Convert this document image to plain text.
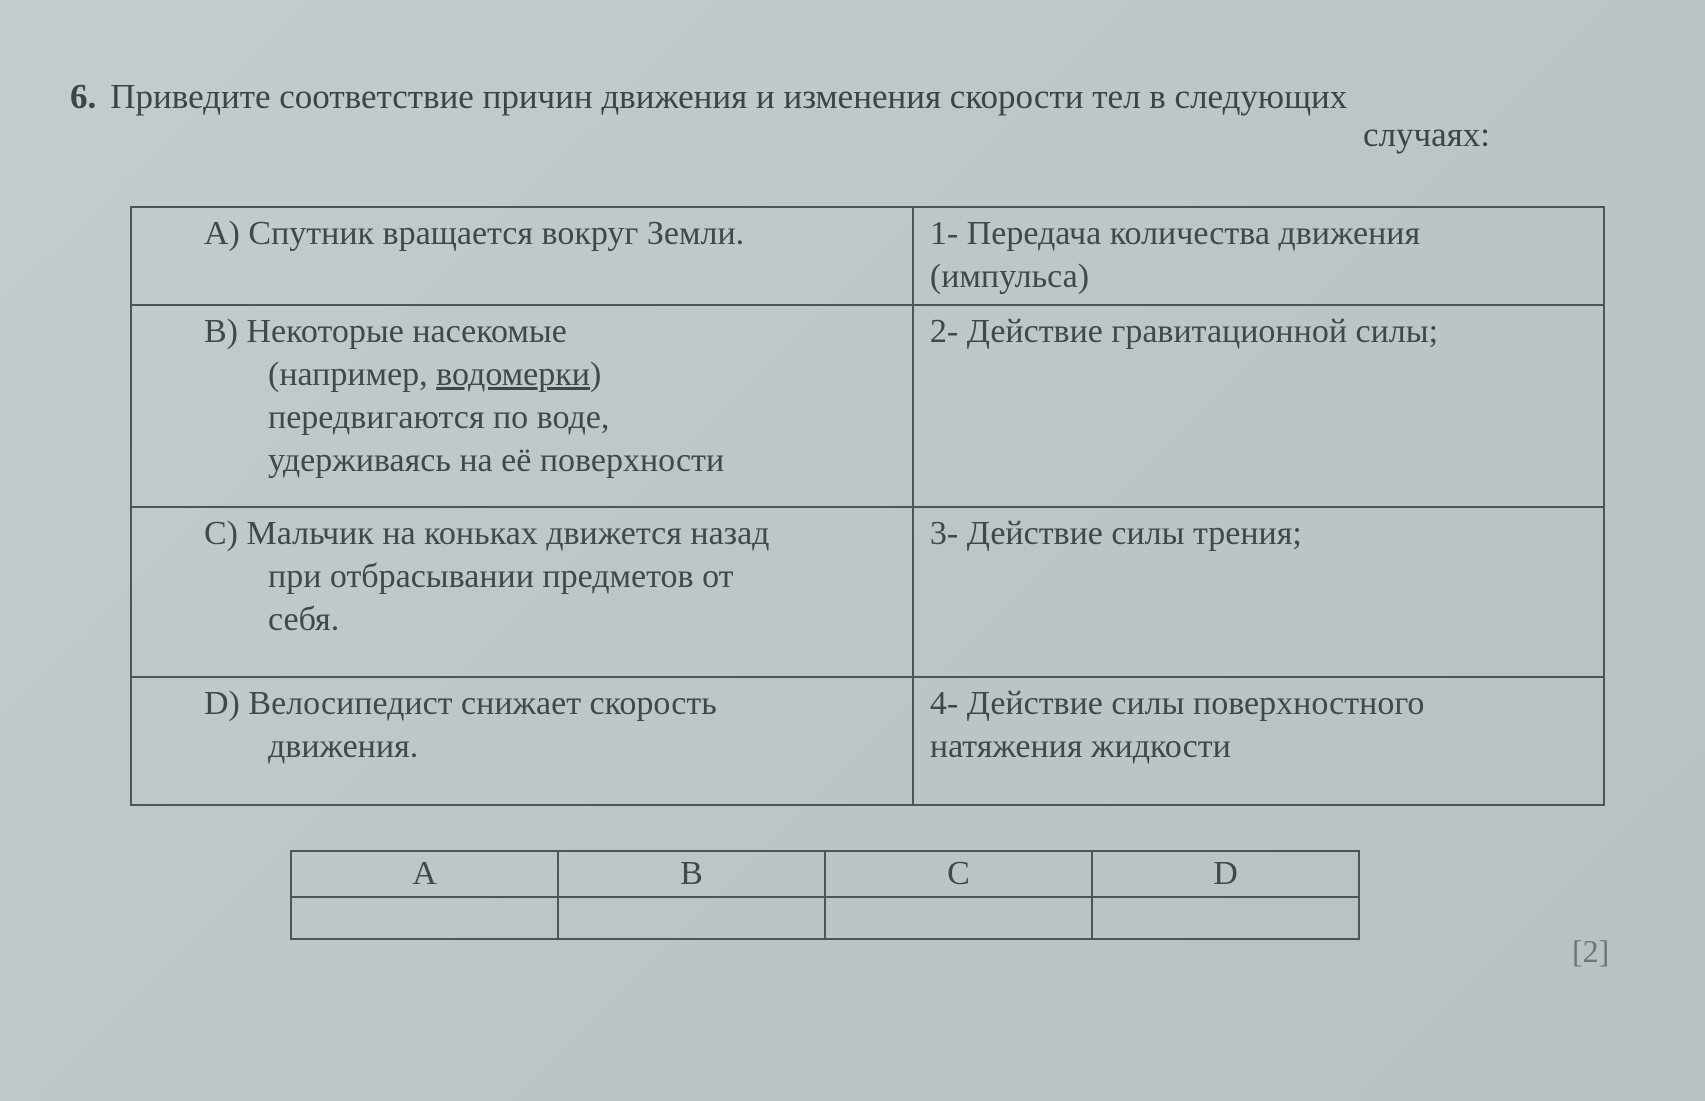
6. Приведите соответствие причин движения и изменения скорости тел в следующих
случаях:
A) Спутник вращается вокруг Земли.	1- Передача количества движения
(импульса)

B) Некоторые насекомые
(например, водомерки)
передвигаются по воде,
удерживаясь на её поверхности	2- Действие гравитационной силы;

C) Мальчик на коньках движется назад
при отбрасывании предметов от
себя.	3- Действие силы трения;

D) Велосипедист снижает скорость
движения.	4- Действие силы поверхностного
натяжения жидкости
A	B	C	D

[2]
